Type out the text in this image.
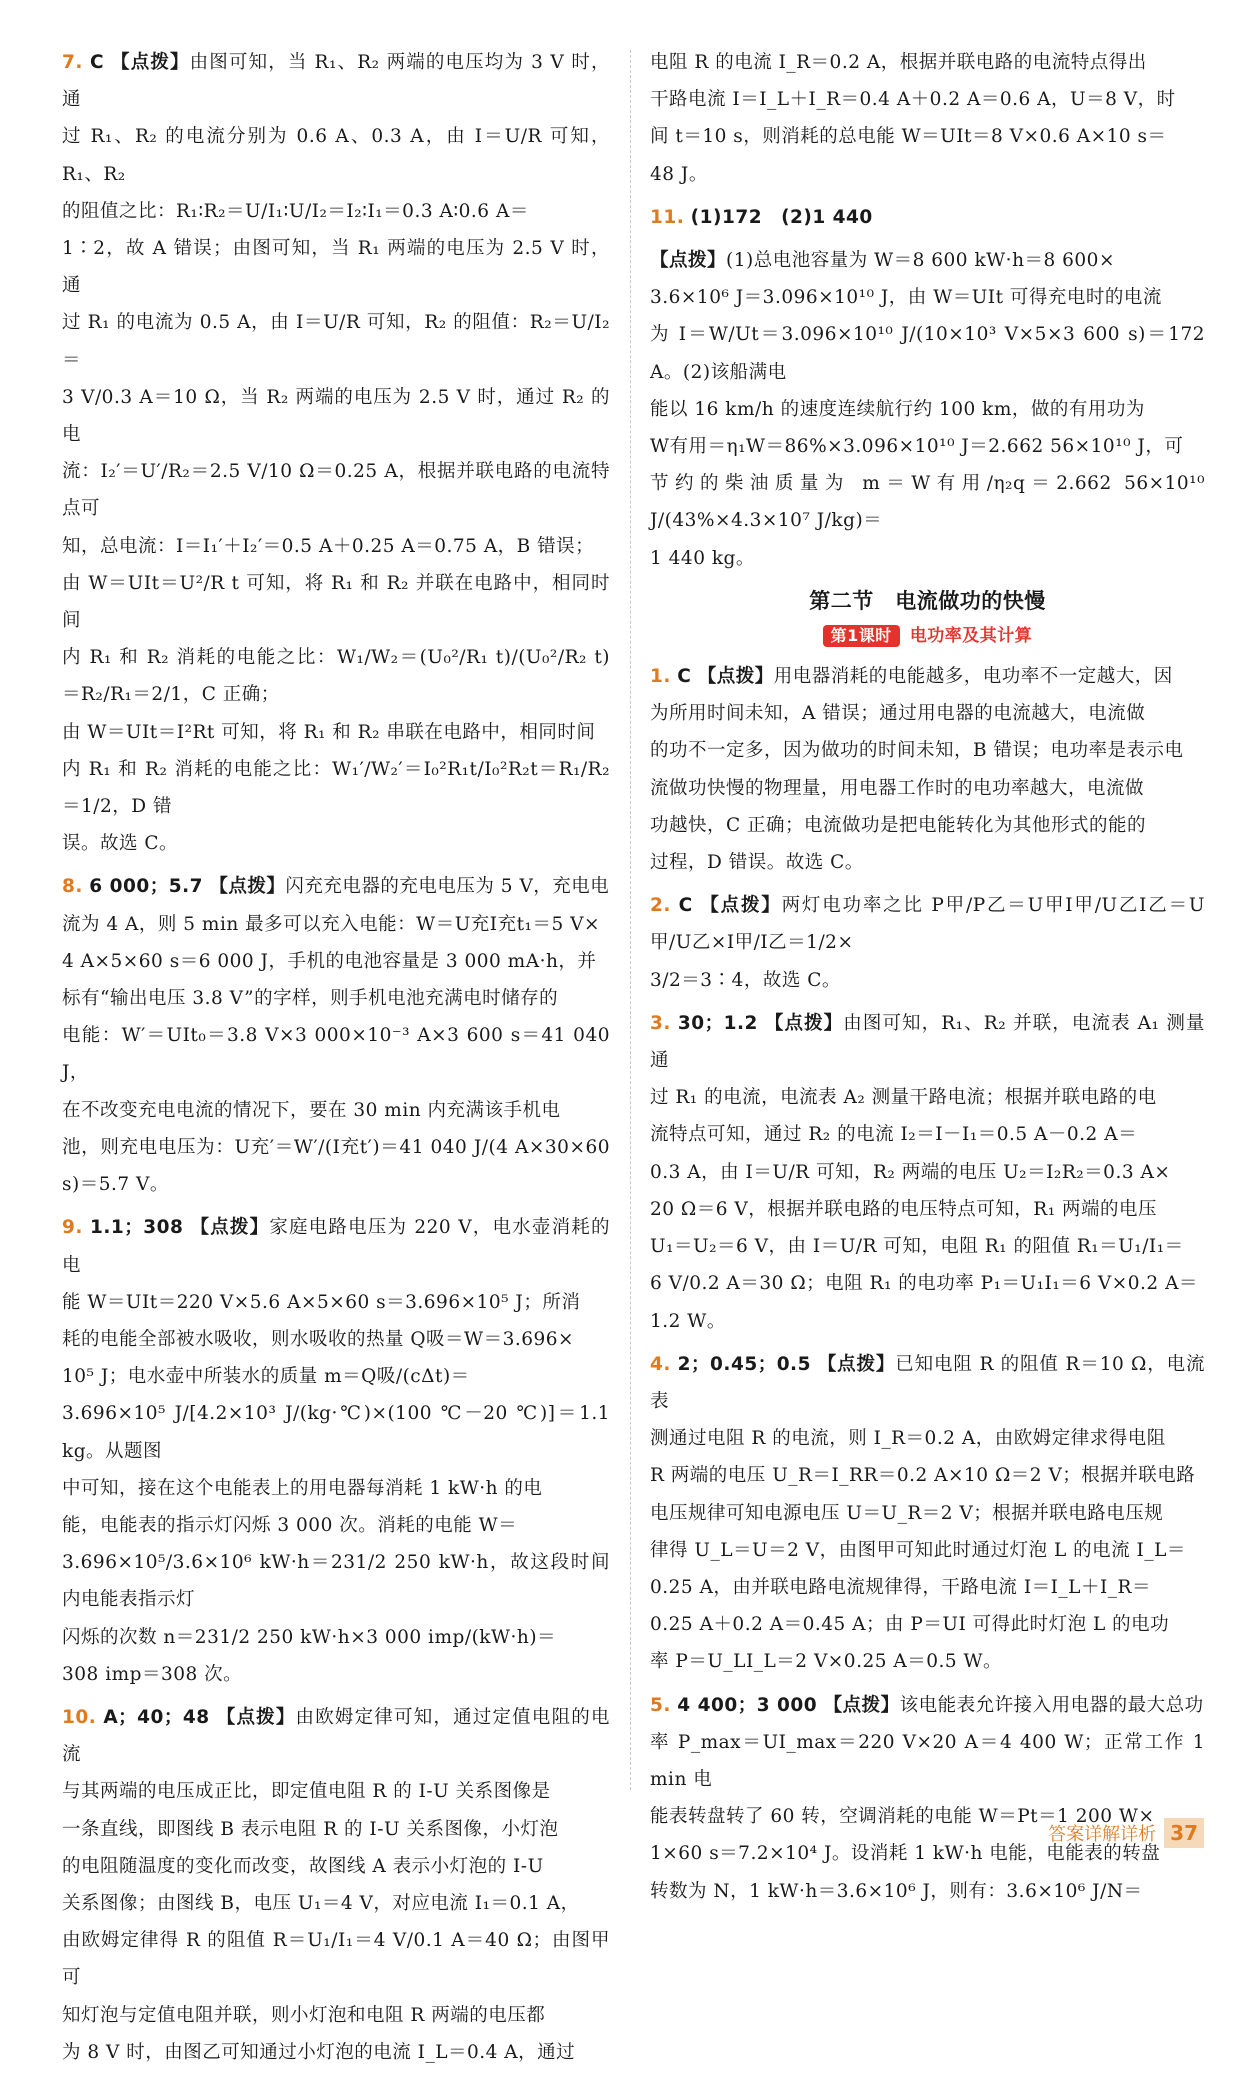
7. C 【点拨】由图可知，当 R₁、R₂ 两端的电压均为 3 V 时，通

过 R₁、R₂ 的电流分别为 0.6 A、0.3 A，由 I＝U/R 可知，R₁、R₂

的阻值之比：R₁∶R₂＝U/I₁∶U/I₂＝I₂∶I₁＝0.3 A∶0.6 A＝

1∶2，故 A 错误；由图可知，当 R₁ 两端的电压为 2.5 V 时，通

过 R₁ 的电流为 0.5 A，由 I＝U/R 可知，R₂ 的阻值：R₂＝U/I₂＝

3 V/0.3 A＝10 Ω，当 R₂ 两端的电压为 2.5 V 时，通过 R₂ 的电

流：I₂′＝U′/R₂＝2.5 V/10 Ω＝0.25 A，根据并联电路的电流特点可

知，总电流：I＝I₁′＋I₂′＝0.5 A＋0.25 A＝0.75 A，B 错误；

由 W＝UIt＝U²/R t 可知，将 R₁ 和 R₂ 并联在电路中，相同时间

内 R₁ 和 R₂ 消耗的电能之比：W₁/W₂＝(U₀²/R₁ t)/(U₀²/R₂ t)＝R₂/R₁＝2/1，C 正确；

由 W＝UIt＝I²Rt 可知，将 R₁ 和 R₂ 串联在电路中，相同时间

内 R₁ 和 R₂ 消耗的电能之比：W₁′/W₂′＝I₀²R₁t/I₀²R₂t＝R₁/R₂＝1/2，D 错

误。故选 C。

8. 6 000；5.7 【点拨】闪充充电器的充电电压为 5 V，充电电

流为 4 A，则 5 min 最多可以充入电能：W＝U充I充t₁＝5 V×

4 A×5×60 s＝6 000 J，手机的电池容量是 3 000 mA·h，并

标有“输出电压 3.8 V”的字样，则手机电池充满电时储存的

电能：W′＝UIt₀＝3.8 V×3 000×10⁻³ A×3 600 s＝41 040 J，

在不改变充电电流的情况下，要在 30 min 内充满该手机电

池，则充电电压为：U充′＝W′/(I充t′)＝41 040 J/(4 A×30×60 s)＝5.7 V。

9. 1.1；308 【点拨】家庭电路电压为 220 V，电水壶消耗的电

能 W＝UIt＝220 V×5.6 A×5×60 s＝3.696×10⁵ J；所消

耗的电能全部被水吸收，则水吸收的热量 Q吸＝W＝3.696×

10⁵ J；电水壶中所装水的质量 m＝Q吸/(cΔt)＝

3.696×10⁵ J/[4.2×10³ J/(kg·℃)×(100 ℃－20 ℃)]＝1.1 kg。从题图

中可知，接在这个电能表上的用电器每消耗 1 kW·h 的电

能，电能表的指示灯闪烁 3 000 次。消耗的电能 W＝

3.696×10⁵/3.6×10⁶ kW·h＝231/2 250 kW·h，故这段时间内电能表指示灯

闪烁的次数 n＝231/2 250 kW·h×3 000 imp/(kW·h)＝

308 imp＝308 次。

10. A；40；48 【点拨】由欧姆定律可知，通过定值电阻的电流

与其两端的电压成正比，即定值电阻 R 的 I-U 关系图像是

一条直线，即图线 B 表示电阻 R 的 I-U 关系图像，小灯泡

的电阻随温度的变化而改变，故图线 A 表示小灯泡的 I-U

关系图像；由图线 B，电压 U₁＝4 V，对应电流 I₁＝0.1 A，

由欧姆定律得 R 的阻值 R＝U₁/I₁＝4 V/0.1 A＝40 Ω；由图甲可

知灯泡与定值电阻并联，则小灯泡和电阻 R 两端的电压都

为 8 V 时，由图乙可知通过小灯泡的电流 I_L＝0.4 A，通过

电阻 R 的电流 I_R＝0.2 A，根据并联电路的电流特点得出

干路电流 I＝I_L＋I_R＝0.4 A＋0.2 A＝0.6 A，U＝8 V，时

间 t＝10 s，则消耗的总电能 W＝UIt＝8 V×0.6 A×10 s＝

48 J。

11. (1)172　(2)1 440

【点拨】(1)总电池容量为 W＝8 600 kW·h＝8 600×

3.6×10⁶ J＝3.096×10¹⁰ J，由 W＝UIt 可得充电时的电流

为 I＝W/Ut＝3.096×10¹⁰ J/(10×10³ V×5×3 600 s)＝172 A。(2)该船满电

能以 16 km/h 的速度连续航行约 100 km，做的有用功为

W有用＝η₁W＝86%×3.096×10¹⁰ J＝2.662 56×10¹⁰ J，可

节约的柴油质量为 m＝W有用/η₂q＝2.662 56×10¹⁰ J/(43%×4.3×10⁷ J/kg)＝

1 440 kg。

第二节　电流做功的快慢
第1课时 电功率及其计算

1. C 【点拨】用电器消耗的电能越多，电功率不一定越大，因

为所用时间未知，A 错误；通过用电器的电流越大，电流做

的功不一定多，因为做功的时间未知，B 错误；电功率是表示电

流做功快慢的物理量，用电器工作时的电功率越大，电流做

功越快，C 正确；电流做功是把电能转化为其他形式的能的

过程，D 错误。故选 C。

2. C 【点拨】两灯电功率之比 P甲/P乙＝U甲I甲/U乙I乙＝U甲/U乙×I甲/I乙＝1/2×

3/2＝3∶4，故选 C。

3. 30；1.2 【点拨】由图可知，R₁、R₂ 并联，电流表 A₁ 测量通

过 R₁ 的电流，电流表 A₂ 测量干路电流；根据并联电路的电

流特点可知，通过 R₂ 的电流 I₂＝I－I₁＝0.5 A－0.2 A＝

0.3 A，由 I＝U/R 可知，R₂ 两端的电压 U₂＝I₂R₂＝0.3 A×

20 Ω＝6 V，根据并联电路的电压特点可知，R₁ 两端的电压

U₁＝U₂＝6 V，由 I＝U/R 可知，电阻 R₁ 的阻值 R₁＝U₁/I₁＝

6 V/0.2 A＝30 Ω；电阻 R₁ 的电功率 P₁＝U₁I₁＝6 V×0.2 A＝

1.2 W。

4. 2；0.45；0.5 【点拨】已知电阻 R 的阻值 R＝10 Ω，电流表

测通过电阻 R 的电流，则 I_R＝0.2 A，由欧姆定律求得电阻

R 两端的电压 U_R＝I_RR＝0.2 A×10 Ω＝2 V；根据并联电路

电压规律可知电源电压 U＝U_R＝2 V；根据并联电路电压规

律得 U_L＝U＝2 V，由图甲可知此时通过灯泡 L 的电流 I_L＝

0.25 A，由并联电路电流规律得，干路电流 I＝I_L＋I_R＝

0.25 A＋0.2 A＝0.45 A；由 P＝UI 可得此时灯泡 L 的电功

率 P＝U_LI_L＝2 V×0.25 A＝0.5 W。

5. 4 400；3 000 【点拨】该电能表允许接入用电器的最大总功

率 P_max＝UI_max＝220 V×20 A＝4 400 W；正常工作 1 min 电

能表转盘转了 60 转，空调消耗的电能 W＝Pt＝1 200 W×

1×60 s＝7.2×10⁴ J。设消耗 1 kW·h 电能，电能表的转盘

转数为 N，1 kW·h＝3.6×10⁶ J，则有：3.6×10⁶ J/N＝

答案详解详析 37
